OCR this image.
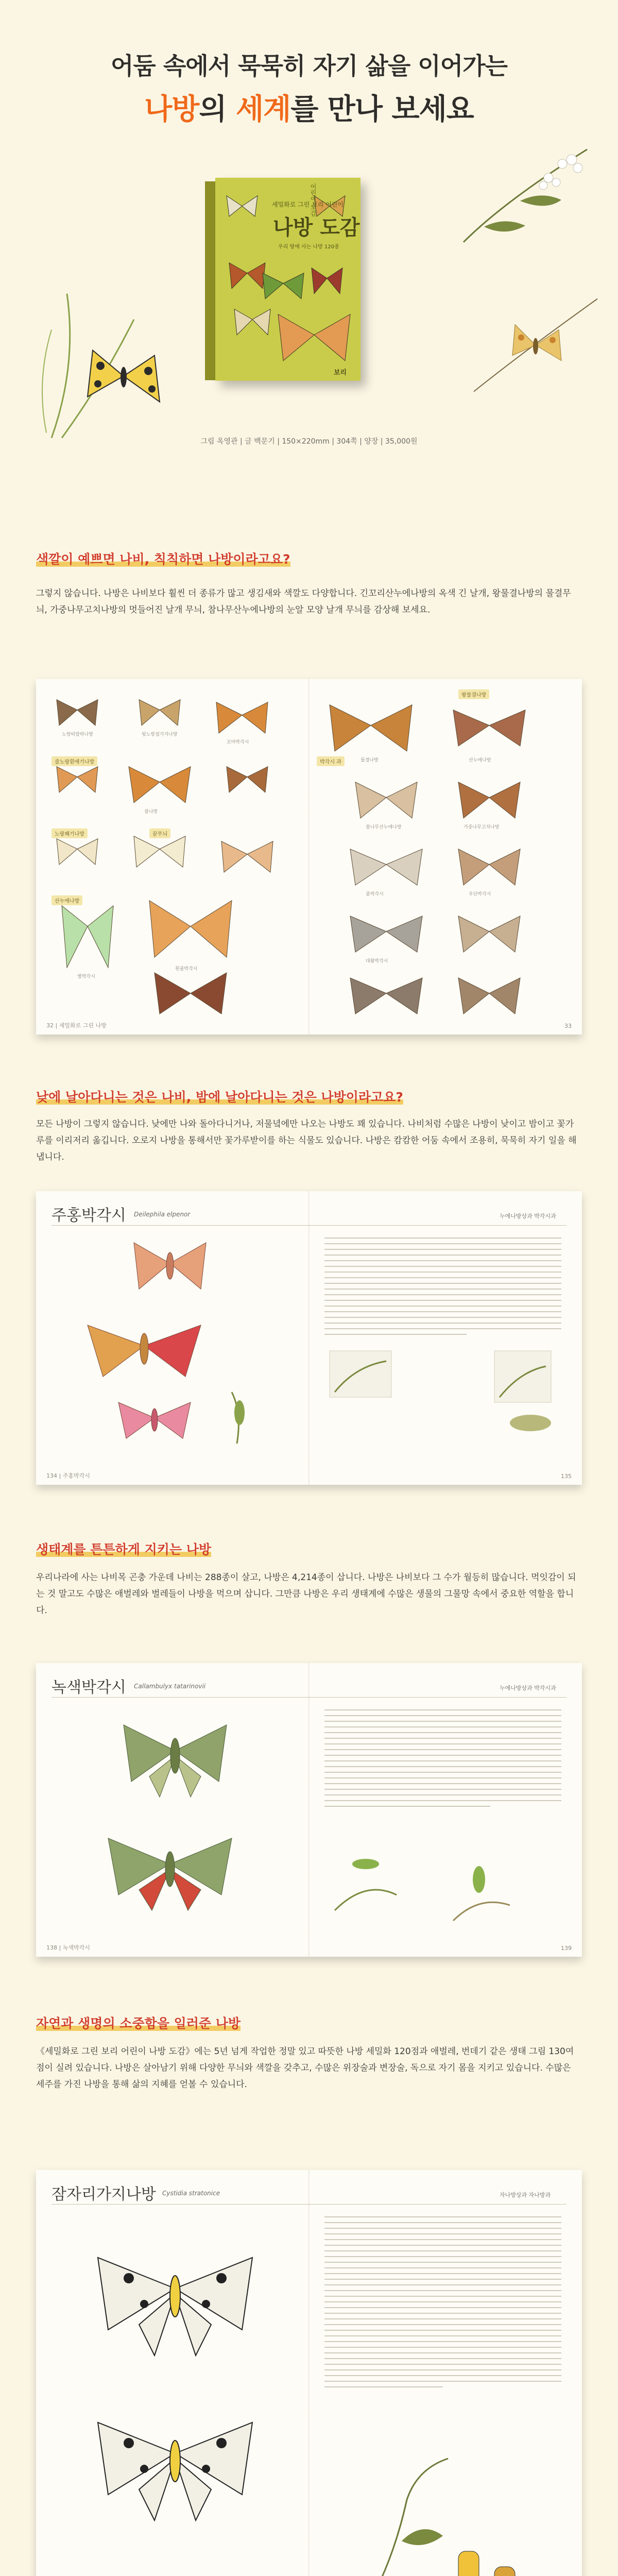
어둠 속에서 묵묵히 자기 삶을 이어가는
나방의 세계를 만나 보세요
세밀화로 그린 보리 어린이
나방 도감
우리 땅에 사는 나방 120종
어린이 도감
보리
그림 옥영관 | 글 백문기 | 150×220mm | 304쪽 | 양장 | 35,000원
색깔이 예쁘면 나비, 칙칙하면 나방이라고요?
그렇지 않습니다. 나방은 나비보다 훨씬 더 종류가 많고 생김새와 색깔도 다양합니다. 긴꼬리산누에나방의 옥색 긴 날개, 왕물결나방의 물결무늬, 가중나무고치나방의 멋들어진 날개 무늬, 참나무산누에나방의 눈알 모양 날개 무늬를 감상해 보세요.
노랑띠알락나방	뒷노랑점가지나방
꼬마박각시
줄노랑흰애기나방
참나방
노랑쐐기나방	끝무늬
산누에나방
별박각시
흰줄박각시
왕물결나방
박각시 과	물결나방	산누에나방
참나무산누에나방	가중나무고치나방
줄박각시	우단박각시
대왕박각시
32 | 세밀화로 그린 나방	33
낮에 날아다니는 것은 나비, 밤에 날아다니는 것은 나방이라고요?
모든 나방이 그렇지 않습니다. 낮에만 나와 돌아다니거나, 저물녘에만 나오는 나방도 꽤 있습니다. 나비처럼 수많은 나방이 낮이고 밤이고 꽃가루를 이리저리 옮깁니다. 오로지 나방을 통해서만 꽃가루받이를 하는 식물도 있습니다. 나방은 캄캄한 어둠 속에서 조용히, 묵묵히 자기 일을 해 냅니다.
주홍박각시 Deilephila elpenor	누에나방상과 박각시과
134 | 주홍박각시	135
생태계를 튼튼하게 지키는 나방
우리나라에 사는 나비목 곤충 가운데 나비는 288종이 살고, 나방은 4,214종이 삽니다. 나방은 나비보다 그 수가 월등히 많습니다. 먹잇감이 되는 것 말고도 수많은 애벌레와 벌레들이 나방을 먹으며 삽니다. 그만큼 나방은 우리 생태계에 수많은 생물의 그물망 속에서 중요한 역할을 합니다.
녹색박각시 Callambulyx tatarinovii	누에나방상과 박각시과
138 | 녹색박각시	139
자연과 생명의 소중함을 일러준 나방
《세밀화로 그린 보리 어린이 나방 도감》에는 5년 넘게 작업한 정말 있고 따뜻한 나방 세밀화 120점과 애벌레, 번데기 같은 생태 그림 130여 점이 실려 있습니다. 나방은 살아남기 위해 다양한 무늬와 색깔을 갖추고, 수많은 위장술과 변장술, 독으로 자기 몸을 지키고 있습니다. 수많은 세주를 가진 나방을 통해 삶의 지혜를 얻볼 수 있습니다.
잠자리가지나방 Cystidia stratonice	자나방상과 자나방과
